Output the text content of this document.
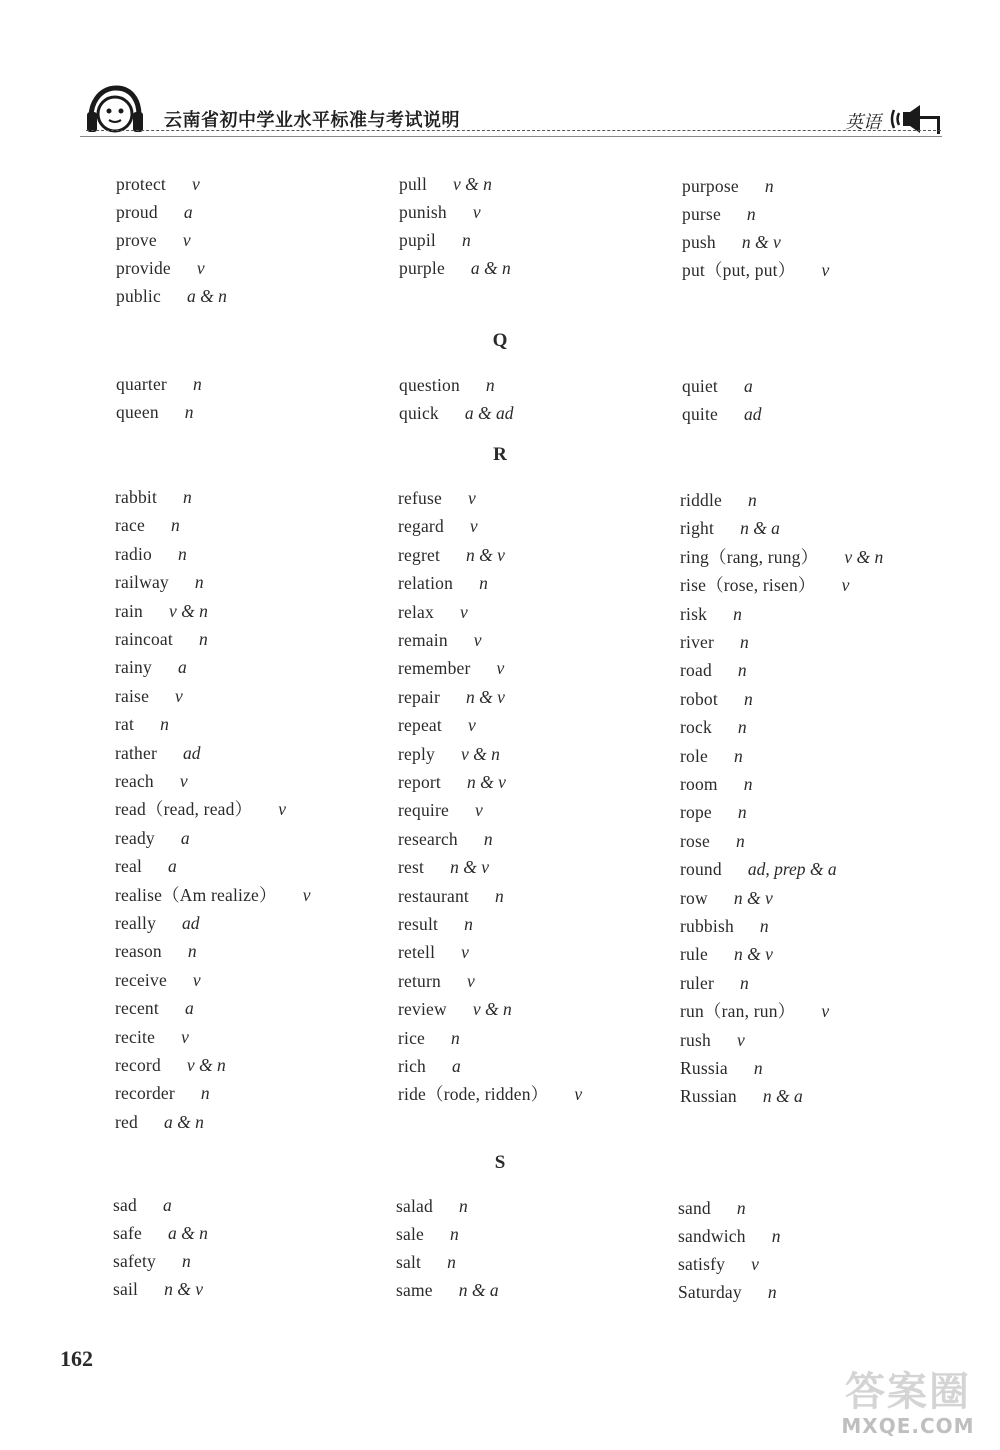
云南省初中学业水平标准与考试说明	英语
protect v
proud a
prove v
provide v
public a & n
pull v & n
punish v
pupil n
purple a & n
purpose n
purse n
push n & v
put（put, put） v
Q
quarter n
queen n
question n
quick a & ad
quiet a
quite ad
R
rabbit n
race n
radio n
railway n
rain v & n
raincoat n
rainy a
raise v
rat n
rather ad
reach v
read（read, read） v
ready a
real a
realise（Am realize） v
really ad
reason n
receive v
recent a
recite v
record v & n
recorder n
red a & n
refuse v
regard v
regret n & v
relation n
relax v
remain v
remember v
repair n & v
repeat v
reply v & n
report n & v
require v
research n
rest n & v
restaurant n
result n
retell v
return v
review v & n
rice n
rich a
ride（rode, ridden） v
riddle n
right n & a
ring（rang, rung） v & n
rise（rose, risen） v
risk n
river n
road n
robot n
rock n
role n
room n
rope n
rose n
round ad, prep & a
row n & v
rubbish n
rule n & v
ruler n
run（ran, run） v
rush v
Russia n
Russian n & a
S
sad a
safe a & n
safety n
sail n & v
salad n
sale n
salt n
same n & a
sand n
sandwich n
satisfy v
Saturday n
162
答案圈
MXQE.COM
